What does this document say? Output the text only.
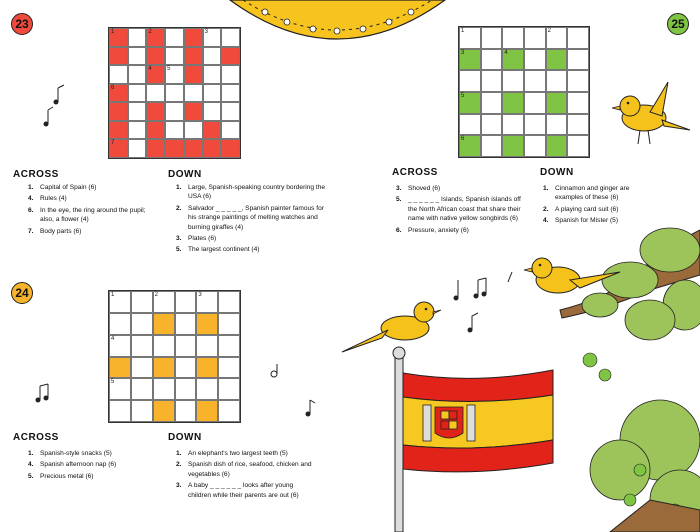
23
1	2	3
4	5
6
7
ACROSS
1. Capital of Spain (6)
4. Rules (4)
6. In the eye, the ring around the pupil; also, a flower (4)
7. Body parts (6)
DOWN
1. Large, Spanish-speaking country bordering the USA (6)
2. Salvador _ _ _ _ _, Spanish painter famous for his strange paintings of melting watches and burning giraffes (4)
3. Plates (6)
5. The largest continent (4)
24	1	2	3
4
5
ACROSS
1. Spanish-style snacks (5)
4. Spanish afternoon nap (6)
5. Precious metal (6)
DOWN
1. An elephant's two largest teeth (5)
2. Spanish dish of rice, seafood, chicken and vegetables (6)
3. A baby _ _ _ _ _ _ looks after young children while their parents are out (6)
25
1	2
3	4
5
6
ACROSS
3. Shoved (6)
5. _ _ _ _ _ _ Islands, Spanish islands off the North African coast that share their name with native yellow songbirds (6)
6. Pressure, anxiety (6)
DOWN
1. Cinnamon and ginger are examples of these (6)
2. A playing card suit (6)
4. Spanish for Mister (5)
